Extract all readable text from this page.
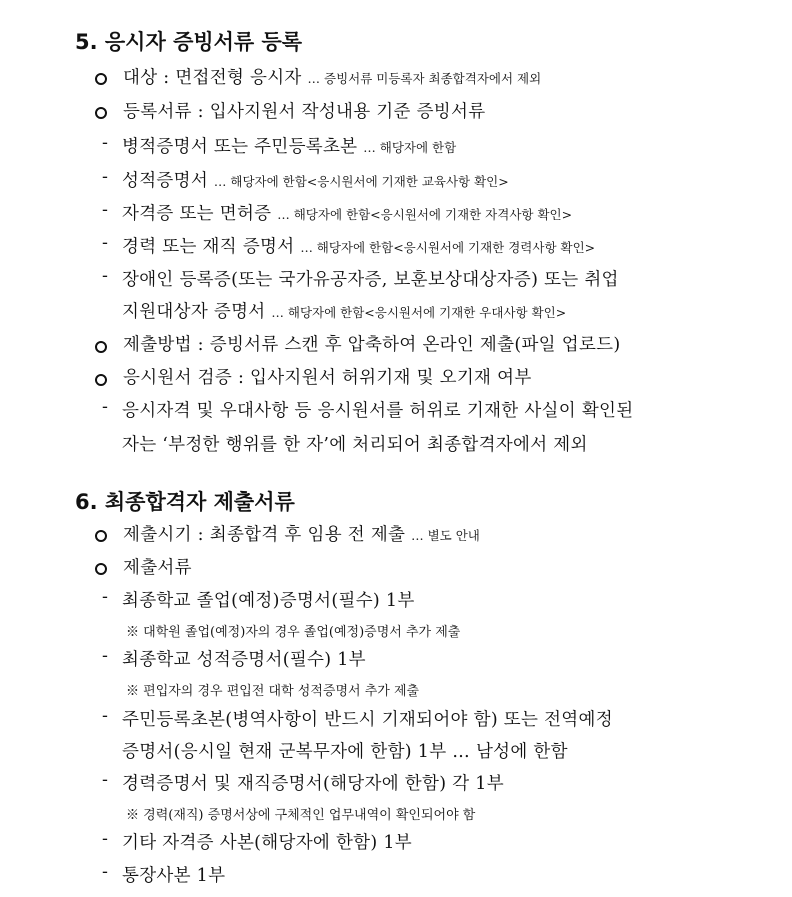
5. 응시자 증빙서류 등록
대상 : 면접전형 응시자 … 증빙서류 미등록자 최종합격자에서 제외
등록서류 : 입사지원서 작성내용 기준 증빙서류
- 병적증명서 또는 주민등록초본 … 해당자에 한함
- 성적증명서 … 해당자에 한함<응시원서에 기재한 교육사항 확인>
- 자격증 또는 면허증 … 해당자에 한함<응시원서에 기재한 자격사항 확인>
- 경력 또는 재직 증명서 … 해당자에 한함<응시원서에 기재한 경력사항 확인>
- 장애인 등록증(또는 국가유공자증, 보훈보상대상자증) 또는 취업
지원대상자 증명서 … 해당자에 한함<응시원서에 기재한 우대사항 확인>
제출방법 : 증빙서류 스캔 후 압축하여 온라인 제출(파일 업로드)
응시원서 검증 : 입사지원서 허위기재 및 오기재 여부
- 응시자격 및 우대사항 등 응시원서를 허위로 기재한 사실이 확인된
자는 ‘부정한 행위를 한 자’에 처리되어 최종합격자에서 제외
6. 최종합격자 제출서류
제출시기 : 최종합격 후 임용 전 제출 … 별도 안내
제출서류
- 최종학교 졸업(예정)증명서(필수) 1부
※ 대학원 졸업(예정)자의 경우 졸업(예정)증명서 추가 제출
- 최종학교 성적증명서(필수) 1부
※ 편입자의 경우 편입전 대학 성적증명서 추가 제출
- 주민등록초본(병역사항이 반드시 기재되어야 함) 또는 전역예정
증명서(응시일 현재 군복무자에 한함) 1부 … 남성에 한함
- 경력증명서 및 재직증명서(해당자에 한함) 각 1부
※ 경력(재직) 증명서상에 구체적인 업무내역이 확인되어야 함
- 기타 자격증 사본(해당자에 한함) 1부
- 통장사본 1부
